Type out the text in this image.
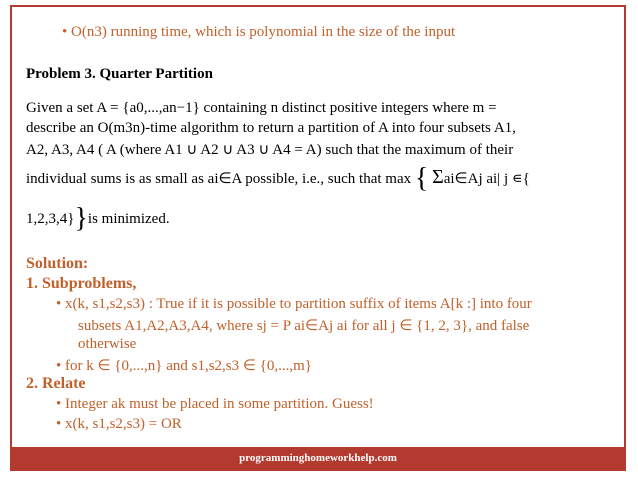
• O(n3) running time, which is polynomial in the size of the input
Problem 3. Quarter Partition
Given a set A = {a0,...,an−1} containing n distinct positive integers where m =
describe an O(m3n)-time algorithm to return a partition of A into four subsets A1,
A2, A3, A4 ( A (where A1 ∪ A2 ∪ A3 ∪ A4 = A) such that the maximum of their
individual sums is as small as ai∈A possible, i.e., such that max { Σai∈Aj ai| j ∊{
1,2,3,4}}is minimized.
Solution:
1. Subproblems,
• x(k, s1,s2,s3) : True if it is possible to partition suffix of items A[k :] into four
subsets A1,A2,A3,A4, where sj = P ai∈Aj ai for all j ∈ {1, 2, 3}, and false
otherwise
• for k ∈ {0,...,n} and s1,s2,s3 ∈ {0,...,m}
2. Relate
• Integer ak must be placed in some partition. Guess!
• x(k, s1,s2,s3) = OR
programminghomeworkhelp.com
